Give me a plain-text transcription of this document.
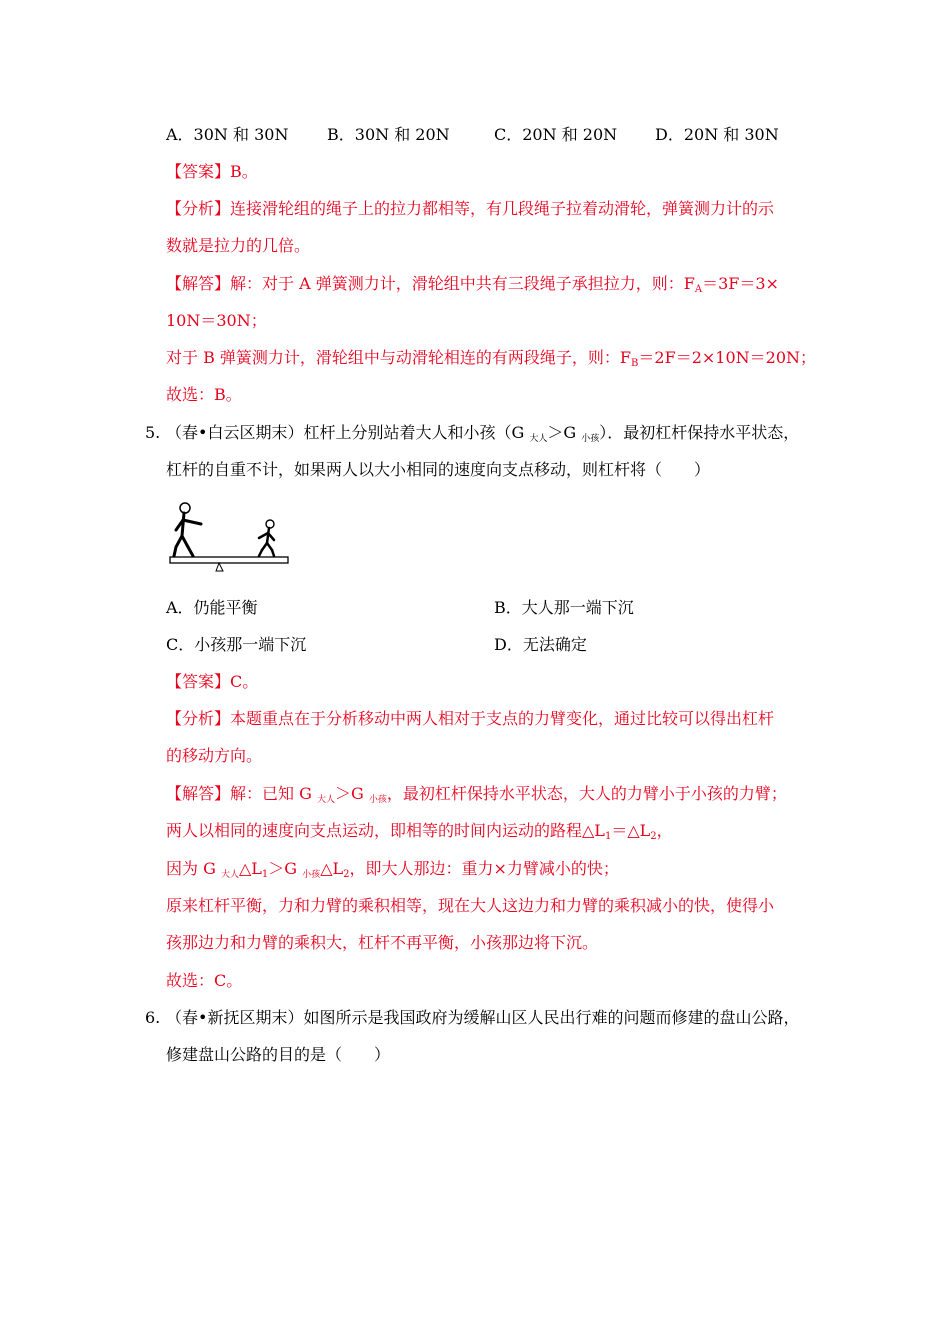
A．30N 和 30N B．30N 和 20N	C．20N 和 20N D．20N 和 30N
【答案】B。
【分析】连接滑轮组的绳子上的拉力都相等，有几段绳子拉着动滑轮，弹簧测力计的示
数就是拉力的几倍。
【解答】解：对于 A 弹簧测力计，滑轮组中共有三段绳子承担拉力，则：$F_A=3F=3\times$
10N＝30N；
对于 B 弹簧测力计，滑轮组中与动滑轮相连的有两段绳子，则：$F_B=2F=2\times 10N=20N$；
故选：B。
5. （春•白云区期末）杠杆上分别站着大人和小孩（G 大人＞G 小孩）．最初杠杆保持水平状态，
杠杆的自重不计，如果两人以大小相同的速度向支点移动，则杠杆将（　　）
A．仍能平衡	B．大人那一端下沉
C．小孩那一端下沉	D．无法确定
【答案】C。
【分析】本题重点在于分析移动中两人相对于支点的力臂变化，通过比较可以得出杠杆
的移动方向。
【解答】解：已知 G 大人＞G 小孩，最初杠杆保持水平状态，大人的力臂小于小孩的力臂；
两人以相同的速度向支点运动，即相等的时间内运动的路程$\triangle L_1=\triangle L_2$，
因为 G 大人$\triangle L_1>G$ 小孩$\triangle L_2$，即大人那边：重力×力臂减小的快；
原来杠杆平衡，力和力臂的乘积相等，现在大人这边力和力臂的乘积减小的快，使得小
孩那边力和力臂的乘积大，杠杆不再平衡，小孩那边将下沉。
故选：C。
6. （春•新抚区期末）如图所示是我国政府为缓解山区人民出行难的问题而修建的盘山公路，
修建盘山公路的目的是（　　）
